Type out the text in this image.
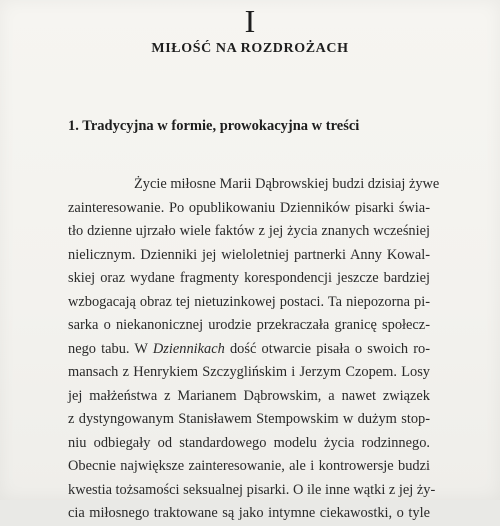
I
MIŁOŚĆ NA ROZDROŻACH
1. Tradycyjna w formie, prowokacyjna w treści
Życie miłosne Marii Dąbrowskiej budzi dzisiaj żywe
zainteresowanie. Po opublikowaniu Dzienników pisarki świa-
tło dzienne ujrzało wiele faktów z jej życia znanych wcześniej
nielicznym. Dzienniki jej wieloletniej partnerki Anny Kowal-
skiej oraz wydane fragmenty korespondencji jeszcze bardziej
wzbogacają obraz tej nietuzinkowej postaci. Ta niepozorna pi-
sarka o niekanonicznej urodzie przekraczała granicę społecz-
nego tabu. W Dziennikach dość otwarcie pisała o swoich ro-
mansach z Henrykiem Szczyglińskim i Jerzym Czopem. Losy
jej małżeństwa z Marianem Dąbrowskim, a nawet związek
z dystyngowanym Stanisławem Stempowskim w dużym stop-
niu odbiegały od standardowego modelu życia rodzinnego.
Obecnie największe zainteresowanie, ale i kontrowersje budzi
kwestia tożsamości seksualnej pisarki. O ile inne wątki z jej ży-
cia miłosnego traktowane są jako intymne ciekawostki, o tyle
